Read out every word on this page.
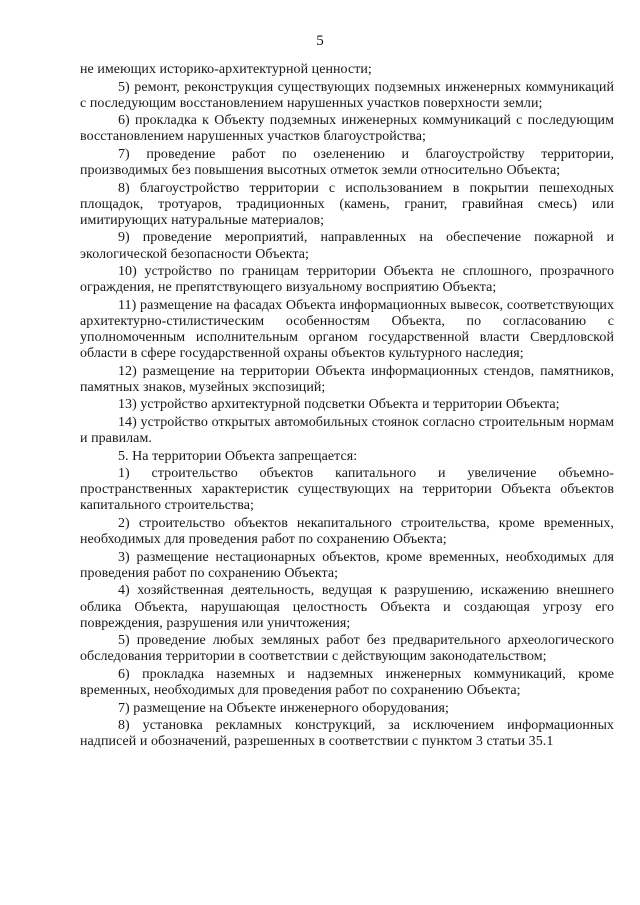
5

не имеющих историко-архитектурной ценности;

5) ремонт, реконструкция существующих подземных инженерных коммуникаций с последующим восстановлением нарушенных участков поверхности земли;

6) прокладка к Объекту подземных инженерных коммуникаций с последующим восстановлением нарушенных участков благоустройства;

7) проведение работ по озеленению и благоустройству территории, производимых без повышения высотных отметок земли относительно Объекта;

8) благоустройство территории с использованием в покрытии пешеходных площадок, тротуаров, традиционных (камень, гранит, гравийная смесь) или имитирующих натуральные материалов;

9) проведение мероприятий, направленных на обеспечение пожарной и экологической безопасности Объекта;

10) устройство по границам территории Объекта не сплошного, прозрачного ограждения, не препятствующего визуальному восприятию Объекта;

11) размещение на фасадах Объекта информационных вывесок, соответствующих архитектурно-стилистическим особенностям Объекта, по согласованию с уполномоченным исполнительным органом государственной власти Свердловской области в сфере государственной охраны объектов культурного наследия;

12) размещение на территории Объекта информационных стендов, памятников, памятных знаков, музейных экспозиций;

13) устройство архитектурной подсветки Объекта и территории Объекта;

14) устройство открытых автомобильных стоянок согласно строительным нормам и правилам.

5. На территории Объекта запрещается:

1) строительство объектов капитального и увеличение объемно-пространственных характеристик существующих на территории Объекта объектов капитального строительства;

2) строительство объектов некапитального строительства, кроме временных, необходимых для проведения работ по сохранению Объекта;

3) размещение нестационарных объектов, кроме временных, необходимых для проведения работ по сохранению Объекта;

4) хозяйственная деятельность, ведущая к разрушению, искажению внешнего облика Объекта, нарушающая целостность Объекта и создающая угрозу его повреждения, разрушения или уничтожения;

5) проведение любых земляных работ без предварительного археологического обследования территории в соответствии с действующим законодательством;

6) прокладка наземных и надземных инженерных коммуникаций, кроме временных, необходимых для проведения работ по сохранению Объекта;

7) размещение на Объекте инженерного оборудования;

8) установка рекламных конструкций, за исключением информационных надписей и обозначений, разрешенных в соответствии с пунктом 3 статьи 35.1
